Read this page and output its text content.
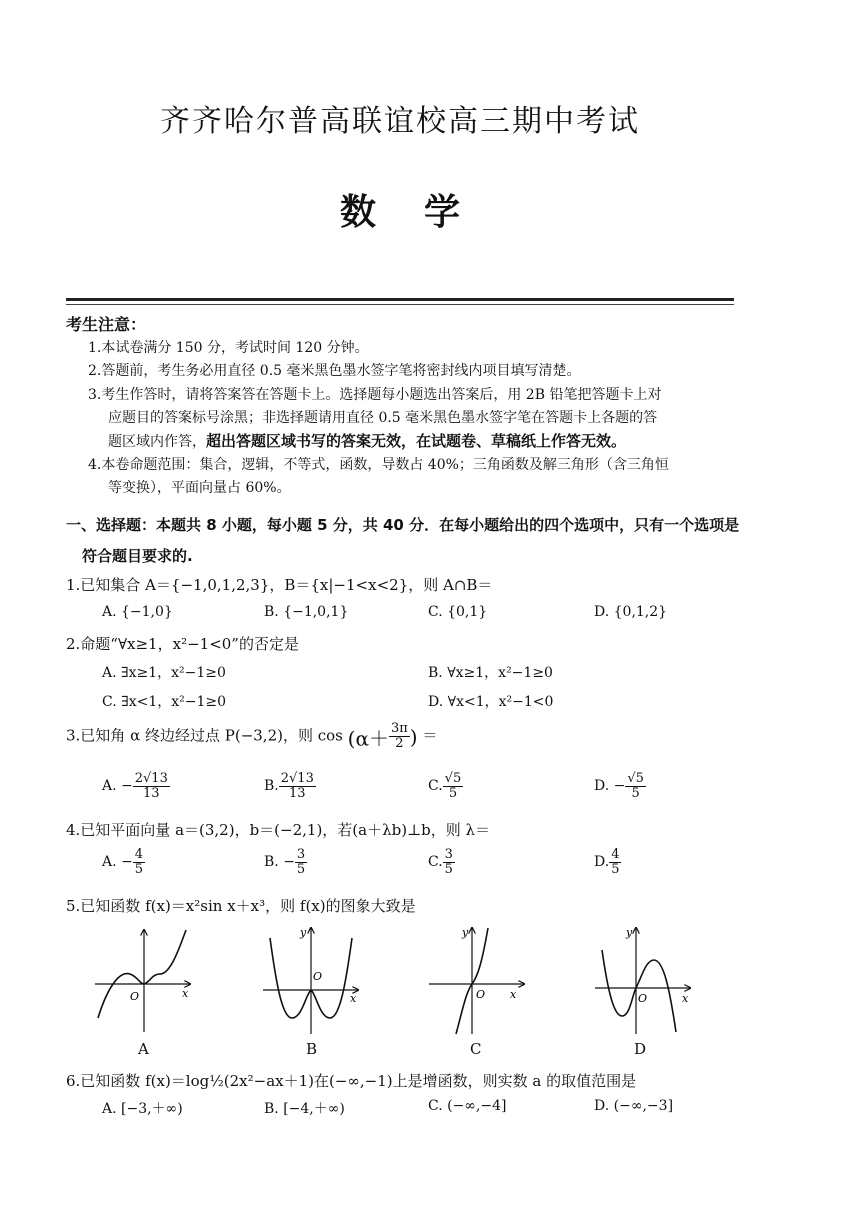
齐齐哈尔普高联谊校高三期中考试
数学
考生注意：
1.本试卷满分 150 分，考试时间 120 分钟。
2.答题前，考生务必用直径 0.5 毫米黑色墨水签字笔将密封线内项目填写清楚。
3.考生作答时，请将答案答在答题卡上。选择题每小题选出答案后，用 2B 铅笔把答题卡上对
应题目的答案标号涂黑；非选择题请用直径 0.5 毫米黑色墨水签字笔在答题卡上各题的答
题区域内作答，超出答题区域书写的答案无效，在试题卷、草稿纸上作答无效。
4.本卷命题范围：集合，逻辑，不等式，函数，导数占 40%；三角函数及解三角形（含三角恒
等变换），平面向量占 60%。
一、选择题：本题共 8 小题，每小题 5 分，共 40 分．在每小题给出的四个选项中，只有一个选项是
符合题目要求的.
1.已知集合 A＝{−1,0,1,2,3}，B＝{x|−1<x<2}，则 A∩B＝
A. {−1,0}	B. {−1,0,1}	C. {0,1}	D. {0,1,2}
2.命题“∀x≥1，x²−1<0”的否定是
A. ∃x≥1，x²−1≥0	B. ∀x≥1，x²−1≥0
C. ∃x<1，x²−1≥0	D. ∀x<1，x²−1<0
3.已知角 α 终边经过点 P(−3,2)，则 $\cos (\alpha+ \frac{3\pi}{2}$ ) ＝
A. − $\frac{2√13}{13}$	B. $\frac{2√13}{13}$	C. $\frac{√5}{5}$	D. − $\frac{√5}{5}$
4.已知平面向量 a＝(3,2)，b＝(−2,1)，若(a＋λb)⊥b，则 λ＝
A. − $\frac{4}{5}$	B. − $\frac{3}{5}$	C. $\frac{3}{5}$	D. $\frac{4}{5}$
5.已知函数 f(x)＝x²sin x＋x³，则 f(x)的图象大致是
O	x
A
y
O
x
B
y
O x
C
y
O	x
D
6.已知函数 f(x)＝log½(2x²−ax＋1)在(−∞,−1)上是增函数，则实数 a 的取值范围是
A. [−3,＋∞)	B. [−4,＋∞)	C. (−∞,−4]	D. (−∞,−3]
